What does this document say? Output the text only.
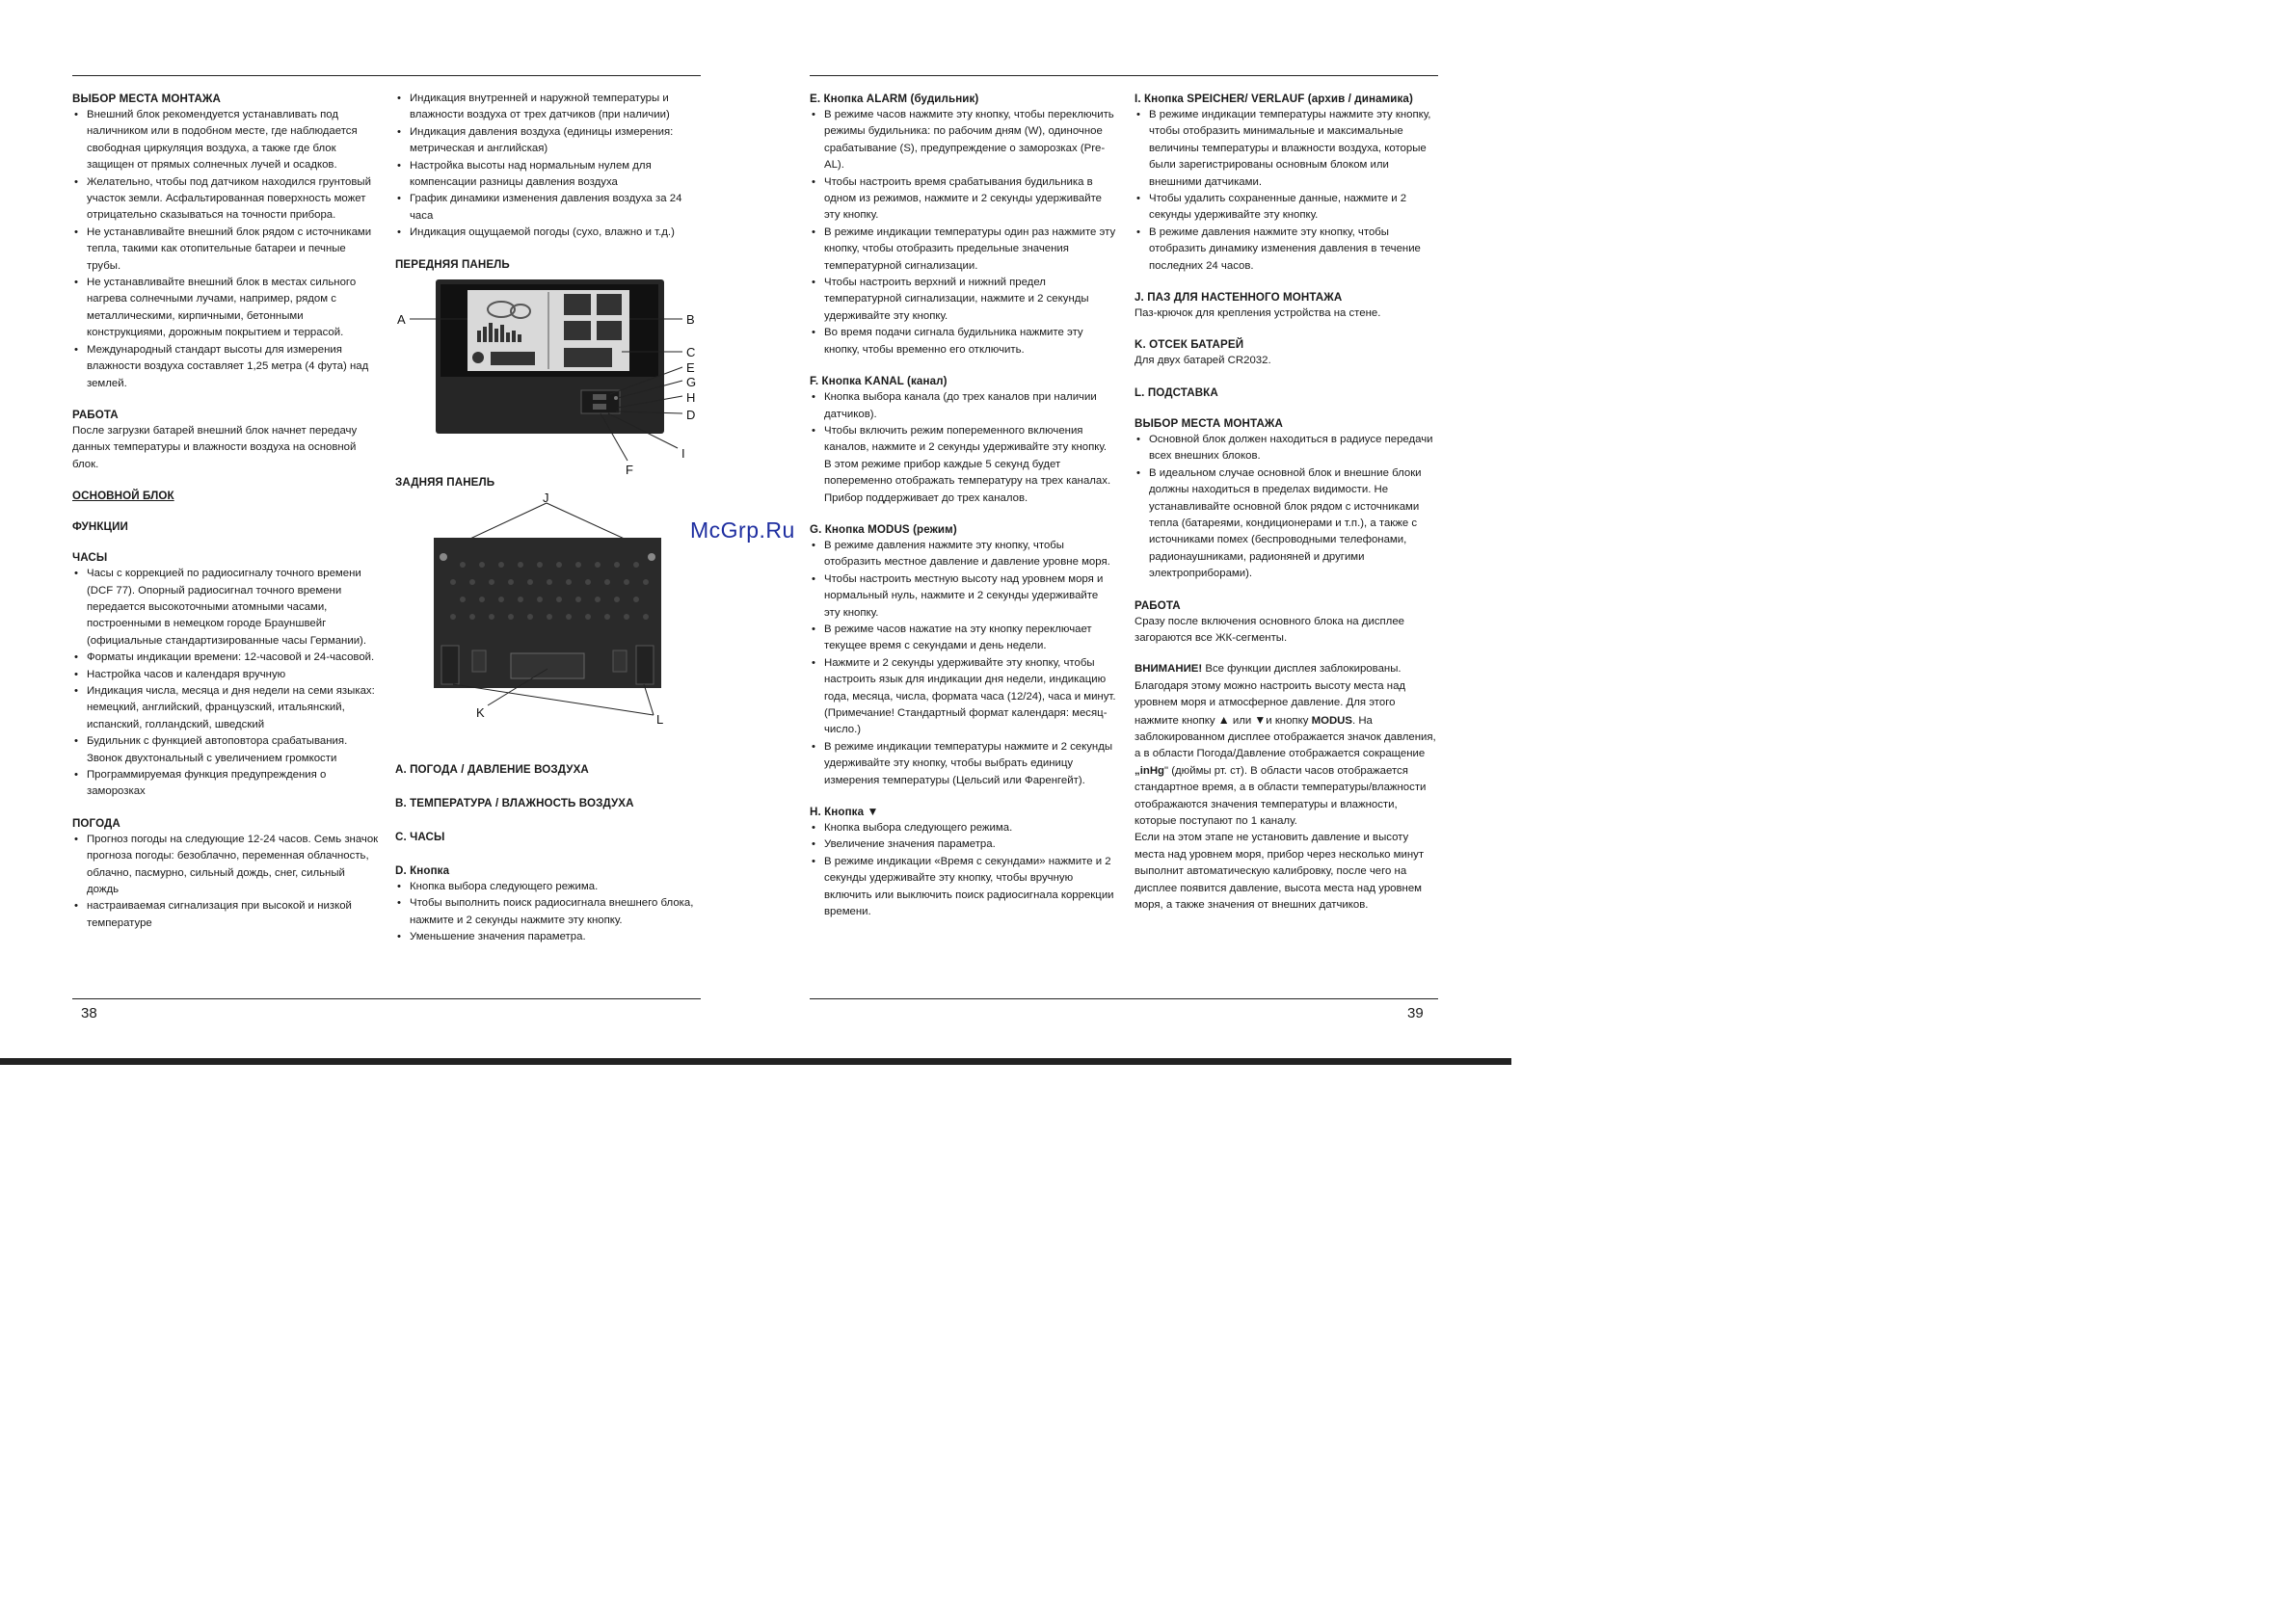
38	39
ВЫБОР МЕСТА МОНТАЖА
• Внешний блок рекомендуется устанавливать под наличником или в подобном месте, где наблюдается свободная циркуляция воздуха, а также где блок защищен от прямых солнечных лучей и осадков.
• Желательно, чтобы под датчиком находился грунтовый участок земли. Асфальтированная поверхность может отрицательно сказываться на точности прибора.
• Не устанавливайте внешний блок рядом с источниками тепла, такими как отопительные батареи и печные трубы.
• Не устанавливайте внешний блок в местах сильного нагрева солнечными лучами, например, рядом с металлическими, кирпичными, бетонными конструкциями, дорожным покрытием и террасой.
• Международный стандарт высоты для измерения влажности воздуха составляет 1,25 метра (4 фута) над землей.
РАБОТА

После загрузки батарей внешний блок начнет передачу данных температуры и влажности воздуха на основной блок.

ОСНОВНОЙ БЛОК
ФУНКЦИИ
ЧАСЫ
• Часы с коррекцией по радиосигналу точного времени (DCF 77). Опорный радиосигнал точного времени передается высокоточными атомными часами, построенными в немецком городе Брауншвейг (официальные стандартизированные часы Германии).
• Форматы индикации времени: 12-часовой и 24-часовой.
• Настройка часов и календаря вручную
• Индикация числа, месяца и дня недели на семи языках: немецкий, английский, французский, итальянский, испанский, голландский, шведский
• Будильник с функцией автоповтора срабатывания. Звонок двухтональный с увеличением громкости
• Программируемая функция предупреждения о заморозках
ПОГОДА
• Прогноз погоды на следующие 12-24 часов. Семь значок прогноза погоды: безоблачно, переменная облачность, облачно, пасмурно, сильный дождь, снег, сильный дождь
• настраиваемая сигнализация при высокой и низкой температуре
• Индикация внутренней и наружной температуры и влажности воздуха от трех датчиков (при наличии)
• Индикация давления воздуха (единицы измерения: метрическая и английская)
• Настройка высоты над нормальным нулем для компенсации разницы давления воздуха
• График динамики изменения давления воздуха за 24 часа
• Индикация ощущаемой погоды (сухо, влажно и т.д.)
ПЕРЕДНЯЯ ПАНЕЛЬ
A	B
C
E
G
H
D
I
F
ЗАДНЯЯ ПАНЕЛЬ
J
K	L
A. ПОГОДА / ДАВЛЕНИЕ ВОЗДУХА
B. ТЕМПЕРАТУРА / ВЛАЖНОСТЬ ВОЗДУХА
C. ЧАСЫ
D. Кнопка
• Кнопка выбора следующего режима.
• Чтобы выполнить поиск радиосигнала внешнего блока, нажмите и 2 секунды нажмите эту кнопку.
• Уменьшение значения параметра.
E. Кнопка ALARM (будильник)
• В режиме часов нажмите эту кнопку, чтобы переключить режимы будильника: по рабочим дням (W), одиночное срабатывание (S), предупреждение о заморозках (Pre-AL).
• Чтобы настроить время срабатывания будильника в одном из режимов, нажмите и 2 секунды удерживайте эту кнопку.
• В режиме индикации температуры один раз нажмите эту кнопку, чтобы отобразить предельные значения температурной сигнализации.
• Чтобы настроить верхний и нижний предел температурной сигнализации, нажмите и 2 секунды удерживайте эту кнопку.
• Во время подачи сигнала будильника нажмите эту кнопку, чтобы временно его отключить.
F. Кнопка KANAL (канал)
• Кнопка выбора канала (до трех каналов при наличии датчиков).
• Чтобы включить режим попеременного включения каналов, нажмите и 2 секунды удерживайте эту кнопку. В этом режиме прибор каждые 5 секунд будет попеременно отображать температуру на трех каналах. Прибор поддерживает до трех каналов.
G. Кнопка MODUS (режим)
• В режиме давления нажмите эту кнопку, чтобы отобразить местное давление и давление уровне моря.
• Чтобы настроить местную высоту над уровнем моря и нормальный нуль, нажмите и 2 секунды удерживайте эту кнопку.
• В режиме часов нажатие на эту кнопку переключает текущее время с секундами и день недели.
• Нажмите и 2 секунды удерживайте эту кнопку, чтобы настроить язык для индикации дня недели, индикацию года, месяца, числа, формата часа (12/24), часа и минут. (Примечание! Стандартный формат календаря: месяц-число.)
• В режиме индикации температуры нажмите и 2 секунды удерживайте эту кнопку, чтобы выбрать единицу измерения температуры (Цельсий или Фаренгейт).
H. Кнопка ▼
• Кнопка выбора следующего режима.
• Увеличение значения параметра.
• В режиме индикации «Время с секундами» нажмите и 2 секунды удерживайте эту кнопку, чтобы вручную включить или выключить поиск радиосигнала коррекции времени.
I. Кнопка SPEICHER/ VERLAUF (архив / динамика)
• В режиме индикации температуры нажмите эту кнопку, чтобы отобразить минимальные и максимальные величины температуры и влажности воздуха, которые были зарегистрированы основным блоком или внешними датчиками.
• Чтобы удалить сохраненные данные, нажмите и 2 секунды удерживайте эту кнопку.
• В режиме давления нажмите эту кнопку, чтобы отобразить динамику изменения давления в течение последних 24 часов.
J. ПАЗ ДЛЯ НАСТЕННОГО МОНТАЖА

Паз-крючок для крепления устройства на стене.

K. ОТСЕК БАТАРЕЙ

Для двух батарей CR2032.

L. ПОДСТАВКА
ВЫБОР МЕСТА МОНТАЖА
• Основной блок должен находиться в радиусе передачи всех внешних блоков.
• В идеальном случае основной блок и внешние блоки должны находиться в пределах видимости. Не устанавливайте основной блок рядом с источниками тепла (батареями, кондиционерами и т.п.), а также с источниками помех (беспроводными телефонами, радионаушниками, радионяней и другими электроприборами).
РАБОТА

Сразу после включения основного блока на дисплее загораются все ЖК-сегменты.

ВНИМАНИЕ! Все функции дисплея заблокированы. Благодаря этому можно настроить высоту места над уровнем моря и атмосферное давление. Для этого нажмите кнопку ▲ или ▼и кнопку MODUS. На заблокированном дисплее отображается значок давления, а в области Погода/Давление отображается сокращение „inHg" (дюймы рт. ст). В области часов отображается стандартное время, а в области температуры/влажности отображаются значения температуры и влажности, которые поступают по 1 каналу.

Если на этом этапе не установить давление и высоту места над уровнем моря, прибор через несколько минут выполнит автоматическую калибровку, после чего на дисплее появится давление, высота места над уровнем моря, а также значения от внешних датчиков.

McGrp.Ru
